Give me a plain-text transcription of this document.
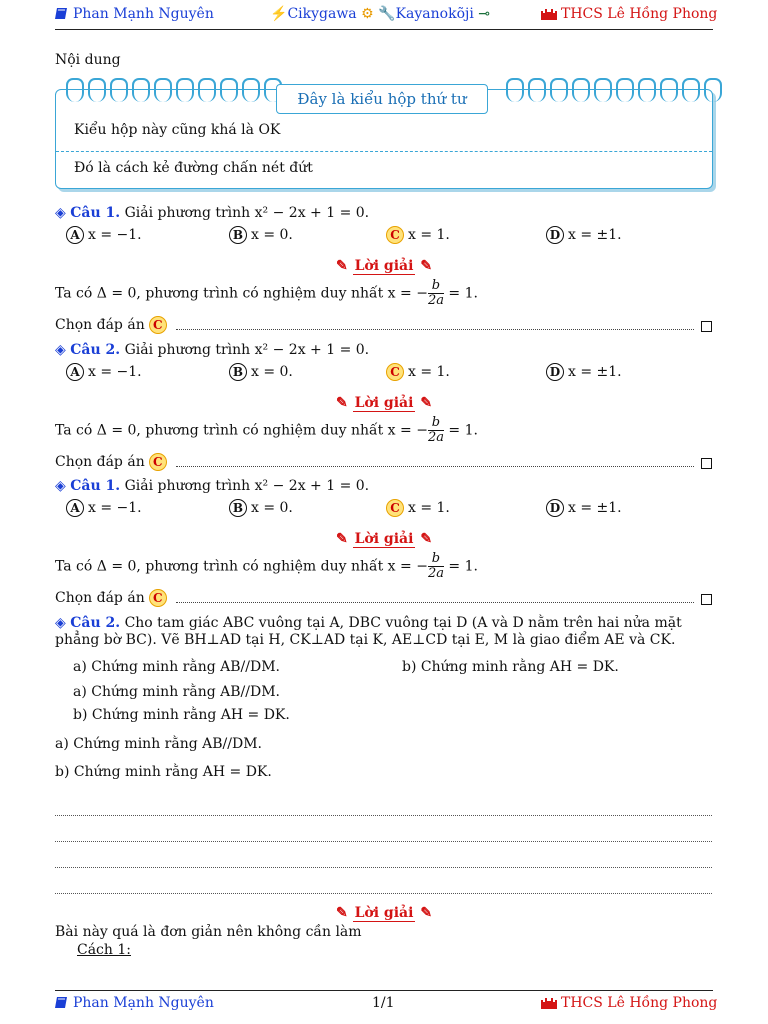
Phan Mạnh Nguyên	⚡Cikygawa ⚙ 🔧Kayanokõji ⊸	THCS Lê Hồng Phong
Nội dung
Đây là kiểu hộp thứ tư
Kiểu hộp này cũng khá là OK
Đó là cách kẻ đường chấn nét đứt
◈ Câu 1. Giải phương trình x² − 2x + 1 = 0.
A x = −1.	B x = 0.	C x = 1.	D x = ±1.
✎ Lời giải ✎
Ta có Δ = 0, phương trình có nghiệm duy nhất x = − $\frac{b}{2a} = 1$.
Chọn đáp án C
◈ Câu 2. Giải phương trình x² − 2x + 1 = 0.
A x = −1.	B x = 0.	C x = 1.	D x = ±1.
✎ Lời giải ✎
Ta có Δ = 0, phương trình có nghiệm duy nhất x = − $\frac{b}{2a} = 1$.
Chọn đáp án C
◈ Câu 1. Giải phương trình x² − 2x + 1 = 0.
A x = −1.	B x = 0.	C x = 1.	D x = ±1.
✎ Lời giải ✎
Ta có Δ = 0, phương trình có nghiệm duy nhất x = − $\frac{b}{2a} = 1$.
Chọn đáp án C
◈ Câu 2. Cho tam giác ABC vuông tại A, DBC vuông tại D (A và D nằm trên hai nửa mặt
phẳng bờ BC). Vẽ BH⊥AD tại H, CK⊥AD tại K, AE⊥CD tại E, M là giao điểm AE và CK.
a) Chứng minh rằng AB//DM.	b) Chứng minh rằng AH = DK.
a) Chứng minh rằng AB//DM.
b) Chứng minh rằng AH = DK.
a) Chứng minh rằng AB//DM.
b) Chứng minh rằng AH = DK.
✎ Lời giải ✎
Bài này quá là đơn giản nên không cần làm
Cách 1:
Phan Mạnh Nguyên	1/1	THCS Lê Hồng Phong
